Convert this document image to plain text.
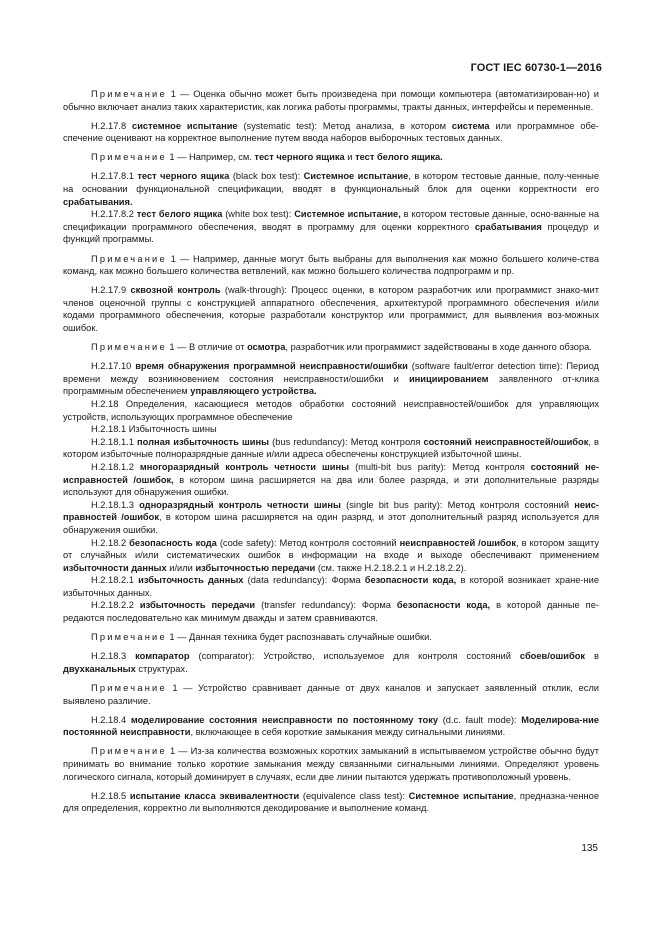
ГОСТ IEC 60730-1—2016

Примечание 1 — Оценка обычно может быть произведена при помощи компьютера (автоматизирован-но) и обычно включает анализ таких характеристик, как логика работы программы, тракты данных, интерфейсы и переменные.

H.2.17.8 системное испытание (systematic test): Метод анализа, в котором система или программное обе-спечение оценивают на корректное выполнение путем ввода наборов выборочных тестовых данных.

Примечание 1 — Например, см. тест черного ящика и тест белого ящика.

H.2.17.8.1 тест черного ящика (black box test): Системное испытание, в котором тестовые данные, полу-ченные на основании функциональной спецификации, вводят в функциональный блок для оценки корректности его срабатывания.

H.2.17.8.2 тест белого ящика (white box test): Системное испытание, в котором тестовые данные, осно-ванные на спецификации программного обеспечения, вводят в программу для оценки корректного срабатывания процедур и функций программы.

Примечание 1 — Например, данные могут быть выбраны для выполнения как можно большего количе-ства команд, как можно большего количества ветвлений, как можно большего количества подпрограмм и пр.

H.2.17.9 сквозной контроль (walk-through): Процесс оценки, в котором разработчик или программист знако-мит членов оценочной группы с конструкцией аппаратного обеспечения, архитектурой программного обеспечения и/или кодами программного обеспечения, которые разработали конструктор или программист, для выявления воз-можных ошибок.

Примечание 1 — В отличие от осмотра, разработчик или программист задействованы в ходе данного обзора.

H.2.17.10 время обнаружения программной неисправности/ошибки (software fault/error detection time): Период времени между возникновением состояния неисправности/ошибки и инициированием заявленного от-клика программным обеспечением управляющего устройства.

H.2.18 Определения, касающиеся методов обработки состояний неисправностей/ошибок для управляющих устройств, использующих программное обеспечение

H.2.18.1 Избыточность шины

H.2.18.1.1 полная избыточность шины (bus redundancy): Метод контроля состояний неисправностей/ошибок, в котором избыточные полноразрядные данные и/или адреса обеспечены конструкцией избыточной шины.

H.2.18.1.2 многоразрядный контроль четности шины (multi-bit bus parity): Метод контроля состояний не-исправностей /ошибок, в котором шина расширяется на два или более разряда, и эти дополнительные разряды используют для обнаружения ошибки.

H.2.18.1.3 одноразрядный контроль четности шины (single bit bus parity): Метод контроля состояний неис-правностей /ошибок, в котором шина расширяется на один разряд, и этот дополнительный разряд используется для обнаружения ошибки.

H.2.18.2 безопасность кода (code safety): Метод контроля состояний неисправностей /ошибок, в котором защиту от случайных и/или систематических ошибок в информации на входе и выходе обеспечивают применением избыточности данных и/или избыточностью передачи (см. также H.2.18.2.1 и H.2.18.2.2).

H.2.18.2.1 избыточность данных (data redundancy): Форма безопасности кода, в которой возникает хране-ние избыточных данных.

H.2.18.2.2 избыточность передачи (transfer redundancy): Форма безопасности кода, в которой данные пе-редаются последовательно как минимум дважды и затем сравниваются.

Примечание 1 — Данная техника будет распознавать случайные ошибки.

H.2.18.3 компаратор (comparator): Устройство, используемое для контроля состояний сбоев/ошибок в двухканальных структурах.

Примечание 1 — Устройство сравнивает данные от двух каналов и запускает заявленный отклик, если выявлено различие.

H.2.18.4 моделирование состояния неисправности по постоянному току (d.c. fault mode): Моделирова-ние постоянной неисправности, включающее в себя короткие замыкания между сигнальными линиями.

Примечание 1 — Из-за количества возможных коротких замыканий в испытываемом устройстве обычно будут принимать во внимание только короткие замыкания между связанными сигнальными линиями. Определяют уровень логического сигнала, который доминирует в случаях, если две линии пытаются удержать противоположный уровень.

H.2.18.5 испытание класса эквивалентности (equivalence class test): Системное испытание, предназна-ченное для определения, корректно ли выполняются декодирование и выполнение команд.

135
